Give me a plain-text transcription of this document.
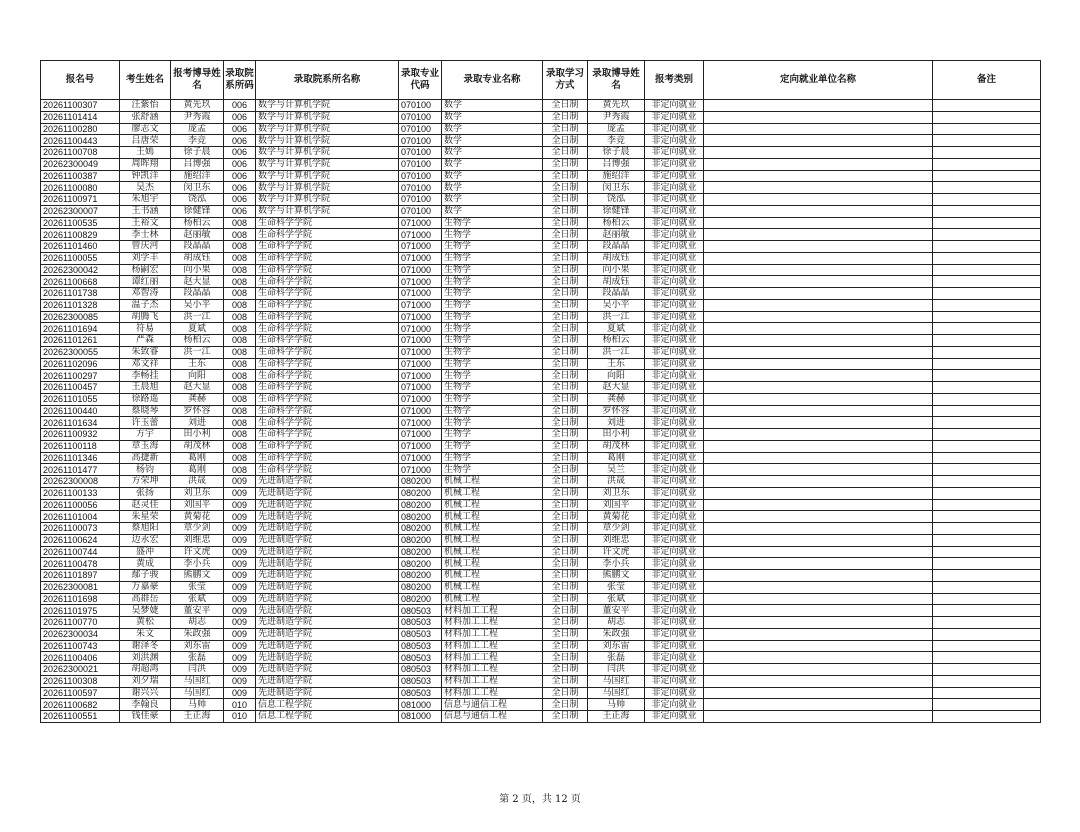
报名号	考生姓名	报考博导姓名	录取院系所码	录取院系所名称	录取专业代码	录取专业名称	录取学习方式	录取博导姓名	报考类别	定向就业单位名称	备注
20261100307	汪紫怡	黄先玖	006	数学与计算机学院	070100	数学	全日制	黄先玖	非定向就业		
20261101414	张舒涵	尹秀霞	006	数学与计算机学院	070100	数学	全日制	尹秀霞	非定向就业		
20261100280	廖志文	庞孟	006	数学与计算机学院	070100	数学	全日制	庞孟	非定向就业		
20261100443	吕唐荣	李竞	006	数学与计算机学院	070100	数学	全日制	李竞	非定向就业		
20261100708	王嫣	徐子晨	006	数学与计算机学院	070100	数学	全日制	徐子晨	非定向就业		
20262300049	周晖翔	吕博强	006	数学与计算机学院	070100	数学	全日制	吕博强	非定向就业		
20261100387	钟凯洋	施绍洋	006	数学与计算机学院	070100	数学	全日制	施绍洋	非定向就业		
20261100080	吴杰	闵卫东	006	数学与计算机学院	070100	数学	全日制	闵卫东	非定向就业		
20261100971	朱旭宇	饶泓	006	数学与计算机学院	070100	数学	全日制	饶泓	非定向就业		
20262300007	王书涵	徐健锋	006	数学与计算机学院	070100	数学	全日制	徐健锋	非定向就业		
20261100535	王裕文	杨柏云	008	生命科学学院	071000	生物学	全日制	杨柏云	非定向就业		
20261100829	李士林	赵丽敏	008	生命科学学院	071000	生物学	全日制	赵丽敏	非定向就业		
20261101460	曾庆河	段晶晶	008	生命科学学院	071000	生物学	全日制	段晶晶	非定向就业		
20261100055	刘学丰	胡成钰	008	生命科学学院	071000	生物学	全日制	胡成钰	非定向就业		
20262300042	杨嗣宏	向小果	008	生命科学学院	071000	生物学	全日制	向小果	非定向就业		
20261100668	谭红丽	赵大显	008	生命科学学院	071000	生物学	全日制	胡成钰	非定向就业		
20261101738	邓智涛	段晶晶	008	生命科学学院	071000	生物学	全日制	段晶晶	非定向就业		
20261101328	温子杰	吴小平	008	生命科学学院	071000	生物学	全日制	吴小平	非定向就业		
20262300085	胡腾飞	洪一江	008	生命科学学院	071000	生物学	全日制	洪一江	非定向就业		
20261101694	符易	夏斌	008	生命科学学院	071000	生物学	全日制	夏斌	非定向就业		
20261101261	严森	杨柏云	008	生命科学学院	071000	生物学	全日制	杨柏云	非定向就业		
20262300055	朱致睿	洪一江	008	生命科学学院	071000	生物学	全日制	洪一江	非定向就业		
20261102096	邓文祥	王东	008	生命科学学院	071000	生物学	全日制	王东	非定向就业		
20261100297	李畅挂	向阳	008	生命科学学院	071000	生物学	全日制	向阳	非定向就业		
20261100457	王晨旭	赵大显	008	生命科学学院	071000	生物学	全日制	赵大显	非定向就业		
20261101055	徐路遥	龚赫	008	生命科学学院	071000	生物学	全日制	龚赫	非定向就业		
20261100440	蔡晓琴	罗怀容	008	生命科学学院	071000	生物学	全日制	罗怀容	非定向就业		
20261101634	许玉蕾	刘进	008	生命科学学院	071000	生物学	全日制	刘进	非定向就业		
20261100932	方宇	田小利	008	生命科学学院	071000	生物学	全日制	田小利	非定向就业		
20261100118	章玉海	胡茂林	008	生命科学学院	071000	生物学	全日制	胡茂林	非定向就业		
20261101346	高捷新	葛刚	008	生命科学学院	071000	生物学	全日制	葛刚	非定向就业		
20261101477	杨钧	葛刚	008	生命科学学院	071000	生物学	全日制	吴兰	非定向就业		
20262300008	方荣坤	洪晟	009	先进制造学院	080200	机械工程	全日制	洪晟	非定向就业		
20261100133	张扬	刘卫东	009	先进制造学院	080200	机械工程	全日制	刘卫东	非定向就业		
20261100056	赵灵佳	刘国平	009	先进制造学院	080200	机械工程	全日制	刘国平	非定向就业		
20261101004	朱星荣	黄菊花	009	先进制造学院	080200	机械工程	全日制	黄菊花	非定向就业		
20261100073	蔡旭阳	章少剑	009	先进制造学院	080200	机械工程	全日制	章少剑	非定向就业		
20261100624	边永宏	刘维忠	009	先进制造学院	080200	机械工程	全日制	刘维忠	非定向就业		
20261100744	盛冲	许文虎	009	先进制造学院	080200	机械工程	全日制	许文虎	非定向就业		
20261100478	黄成	李小兵	009	先进制造学院	080200	机械工程	全日制	李小兵	非定向就业		
20261101897	鄢子骏	熊鹏文	009	先进制造学院	080200	机械工程	全日制	熊鹏文	非定向就业		
20262300081	万嘉豪	张莹	009	先进制造学院	080200	机械工程	全日制	张莹	非定向就业		
20261101698	高群岳	张斌	009	先进制造学院	080200	机械工程	全日制	张斌	非定向就业		
20261101975	吴梦婕	董安平	009	先进制造学院	080503	材料加工工程	全日制	董安平	非定向就业		
20261100770	黄松	胡志	009	先进制造学院	080503	材料加工工程	全日制	胡志	非定向就业		
20262300034	朱文	朱政强	009	先进制造学院	080503	材料加工工程	全日制	朱政强	非定向就业		
20261100743	谢泽冬	刘东雷	009	先进制造学院	080503	材料加工工程	全日制	刘东雷	非定向就业		
20261100406	刘洪渊	张磊	009	先进制造学院	080503	材料加工工程	全日制	张磊	非定向就业		
20262300021	胡超鸿	闫洪	009	先进制造学院	080503	材料加工工程	全日制	闫洪	非定向就业		
20261100308	刘夕瑞	马国红	009	先进制造学院	080503	材料加工工程	全日制	马国红	非定向就业		
20261100597	谢兴兴	马国红	009	先进制造学院	080503	材料加工工程	全日制	马国红	非定向就业		
20261100682	李翰良	马帅	010	信息工程学院	081000	信息与通信工程	全日制	马帅	非定向就业		
20261100551	钱佳豪	王正海	010	信息工程学院	081000	信息与通信工程	全日制	王正海	非定向就业		
第 2 页，共 12 页
